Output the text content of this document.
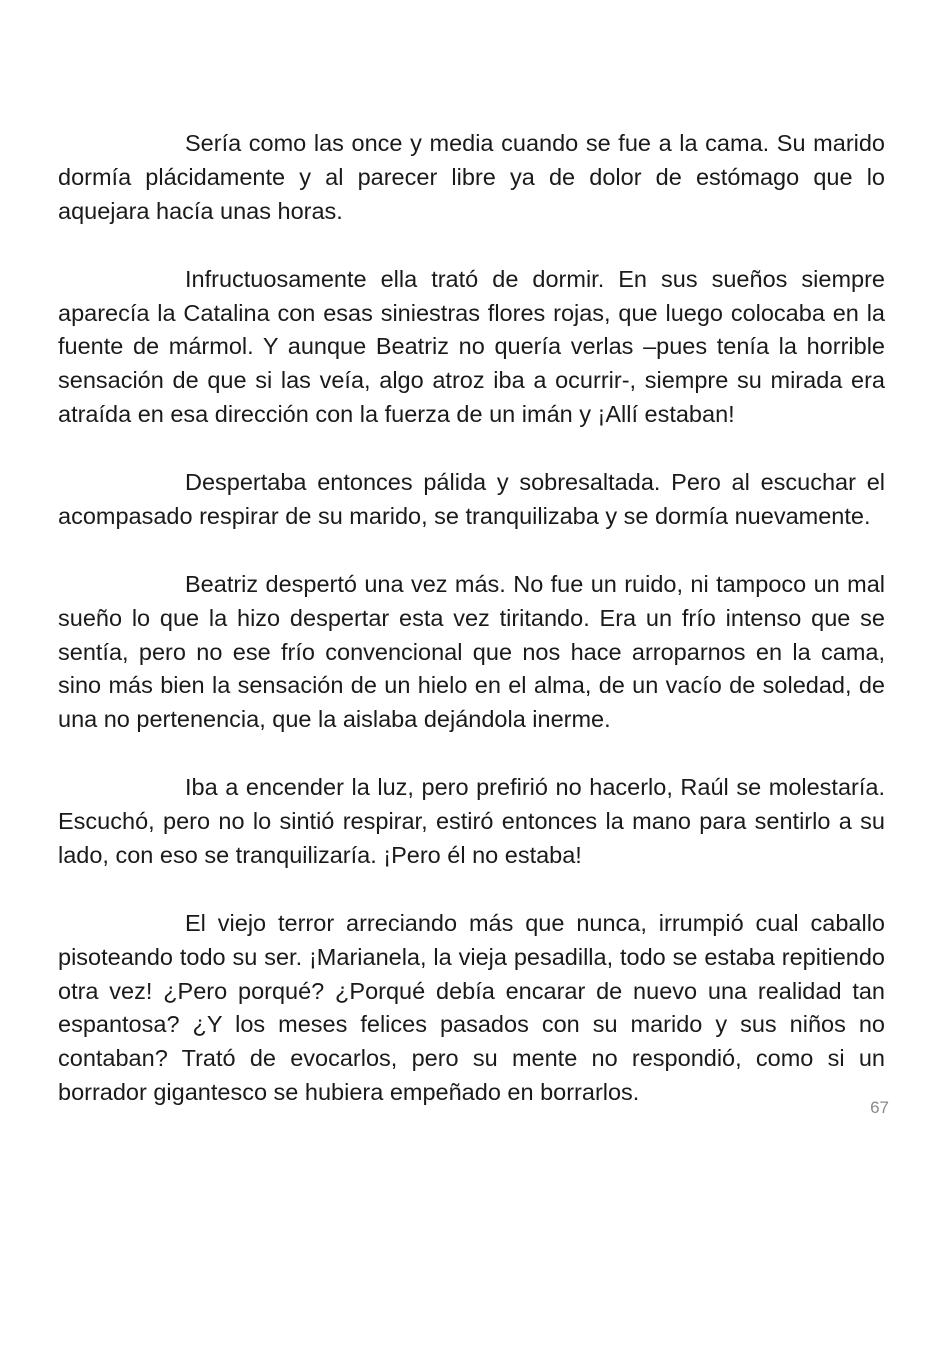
Sería como las once y media cuando se fue a la cama. Su marido dormía plácidamente y al parecer libre ya de dolor de estómago que lo aquejara hacía unas horas.

Infructuosamente ella trató de dormir. En sus sueños siempre aparecía la Catalina con esas siniestras flores rojas, que luego colocaba en la fuente de mármol. Y aunque Beatriz no quería verlas –pues tenía la horrible sensación de que si las veía, algo atroz iba a ocurrir-, siempre su mirada era atraída en esa dirección con la fuerza de un imán y ¡Allí estaban!

Despertaba entonces pálida y sobresaltada. Pero al escuchar el acompasado respirar de su marido, se tranquilizaba y se dormía nuevamente.

Beatriz despertó una vez más. No fue un ruido, ni tampoco un mal sueño lo que la hizo despertar esta vez tiritando. Era un frío intenso que se sentía, pero no ese frío convencional que nos hace arroparnos en la cama, sino más bien la sensación de un hielo en el alma, de un vacío de soledad, de una no pertenencia, que la aislaba dejándola inerme.

Iba a encender la luz, pero prefirió no hacerlo, Raúl se molestaría. Escuchó, pero no lo sintió respirar, estiró entonces la mano para sentirlo a su lado, con eso se tranquilizaría. ¡Pero él no estaba!

El viejo terror arreciando más que nunca, irrumpió cual caballo pisoteando todo su ser. ¡Marianela, la vieja pesadilla, todo se estaba repitiendo otra vez! ¿Pero porqué? ¿Porqué debía encarar de nuevo una realidad tan espantosa? ¿Y los meses felices pasados con su marido y sus niños no contaban? Trató de evocarlos, pero su mente no respondió, como si un borrador gigantesco se hubiera empeñado en borrarlos.

67
